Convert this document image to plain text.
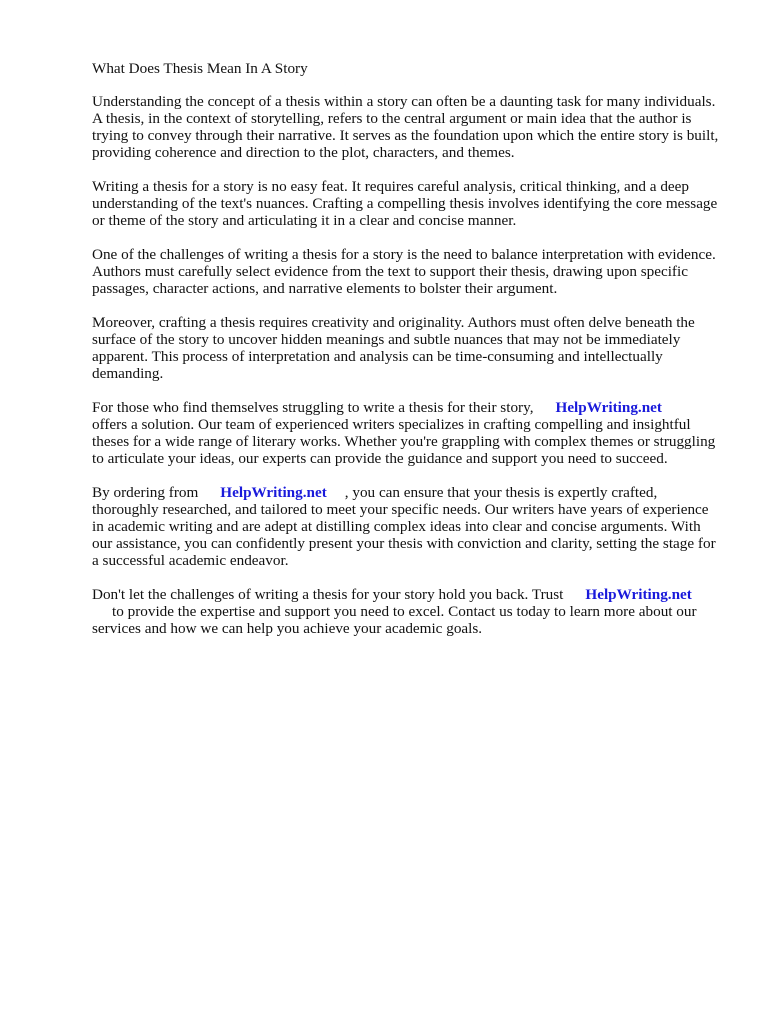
What Does Thesis Mean In A Story

Understanding the concept of a thesis within a story can often be a daunting task for many individuals. A thesis, in the context of storytelling, refers to the central argument or main idea that the author is trying to convey through their narrative. It serves as the foundation upon which the entire story is built, providing coherence and direction to the plot, characters, and themes.

Writing a thesis for a story is no easy feat. It requires careful analysis, critical thinking, and a deep understanding of the text's nuances. Crafting a compelling thesis involves identifying the core message or theme of the story and articulating it in a clear and concise manner.

One of the challenges of writing a thesis for a story is the need to balance interpretation with evidence. Authors must carefully select evidence from the text to support their thesis, drawing upon specific passages, character actions, and narrative elements to bolster their argument.

Moreover, crafting a thesis requires creativity and originality. Authors must often delve beneath the surface of the story to uncover hidden meanings and subtle nuances that may not be immediately apparent. This process of interpretation and analysis can be time-consuming and intellectually demanding.

For those who find themselves struggling to write a thesis for their story, HelpWriting.net
offers a solution. Our team of experienced writers specializes in crafting compelling and insightful theses for a wide range of literary works. Whether you're grappling with complex themes or struggling to articulate your ideas, our experts can provide the guidance and support you need to succeed.

By ordering from HelpWriting.net , you can ensure that your thesis is expertly crafted, thoroughly researched, and tailored to meet your specific needs. Our writers have years of experience in academic writing and are adept at distilling complex ideas into clear and concise arguments. With our assistance, you can confidently present your thesis with conviction and clarity, setting the stage for a successful academic endeavor.

Don't let the challenges of writing a thesis for your story hold you back. Trust HelpWriting.net
to provide the expertise and support you need to excel. Contact us today to learn more about our services and how we can help you achieve your academic goals.
